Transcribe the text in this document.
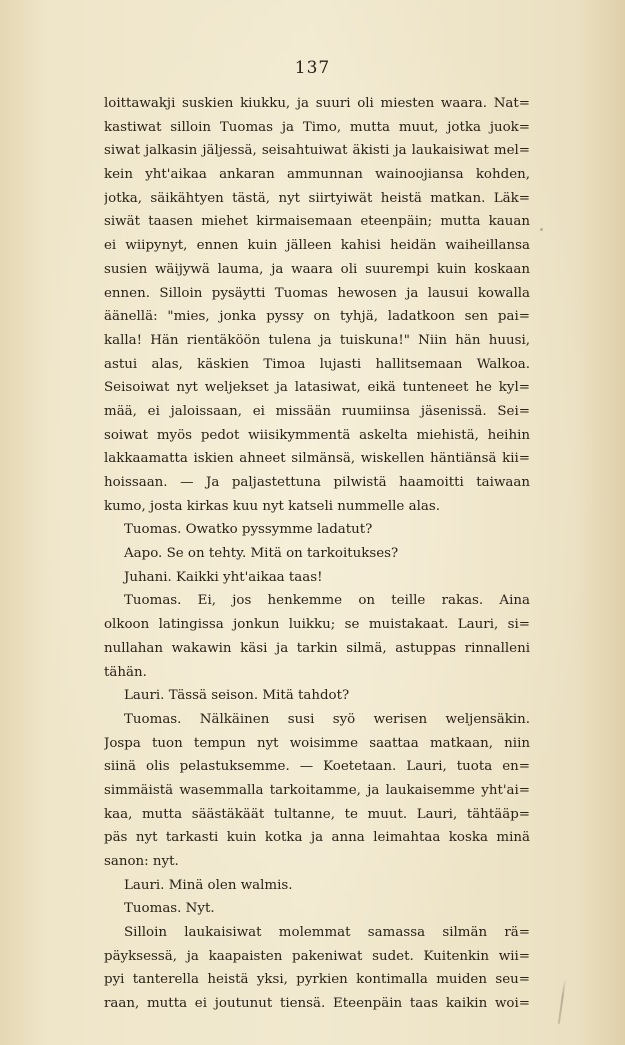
137
loittawakji suskien kiukku, ja suuri oli miesten waara. Nat=
kastiwat silloin Tuomas ja Timo, mutta muut, jotka juok=
siwat jalkasin jäljessä, seisahtuiwat äkisti ja laukaisiwat mel=
kein yht'aikaa ankaran ammunnan wainoojiansa kohden,
jotka, säikähtyen tästä, nyt siirtyiwät heistä matkan. Läk=
siwät taasen miehet kirmaisemaan eteenpäin; mutta kauan
ei wiipynyt, ennen kuin jälleen kahisi heidän waiheillansa
susien wäijywä lauma, ja waara oli suurempi kuin koskaan
ennen. Silloin pysäytti Tuomas hewosen ja lausui kowalla
äänellä: "mies, jonka pyssy on tyhjä, ladatkoon sen pai=
kalla! Hän rientäköön tulena ja tuiskuna!" Niin hän huusi,
astui alas, käskien Timoa lujasti hallitsemaan Walkoa.
Seisoiwat nyt weljekset ja latasiwat, eikä tunteneet he kyl=
mää, ei jaloissaan, ei missään ruumiinsa jäsenissä. Sei=
soiwat myös pedot wiisikymmentä askelta miehistä, heihin
lakkaamatta iskien ahneet silmänsä, wiskellen häntiänsä kii=
hoissaan. — Ja paljastettuna pilwistä haamoitti taiwaan
kumo, josta kirkas kuu nyt katseli nummelle alas.
Tuomas. Owatko pyssymme ladatut?
Aapo. Se on tehty. Mitä on tarkoitukses?
Juhani. Kaikki yht'aikaa taas!
Tuomas. Ei, jos henkemme on teille rakas. Aina
olkoon latingissa jonkun luikku; se muistakaat. Lauri, si=
nullahan wakawin käsi ja tarkin silmä, astuppas rinnalleni
tähän.
Lauri. Tässä seison. Mitä tahdot?
Tuomas. Nälkäinen susi syö werisen weljensäkin.
Jospa tuon tempun nyt woisimme saattaa matkaan, niin
siinä olis pelastuksemme. — Koetetaan. Lauri, tuota en=
simmäistä wasemmalla tarkoitamme, ja laukaisemme yht'ai=
kaa, mutta säästäkäät tultanne, te muut. Lauri, tähtääp=
päs nyt tarkasti kuin kotka ja anna leimahtaa koska minä
sanon: nyt.
Lauri. Minä olen walmis.
Tuomas. Nyt.
Silloin laukaisiwat molemmat samassa silmän rä=
päyksessä, ja kaapaisten pakeniwat sudet. Kuitenkin wii=
pyi tanterella heistä yksi, pyrkien kontimalla muiden seu=
raan, mutta ei joutunut tiensä. Eteenpäin taas kaikin woi=
